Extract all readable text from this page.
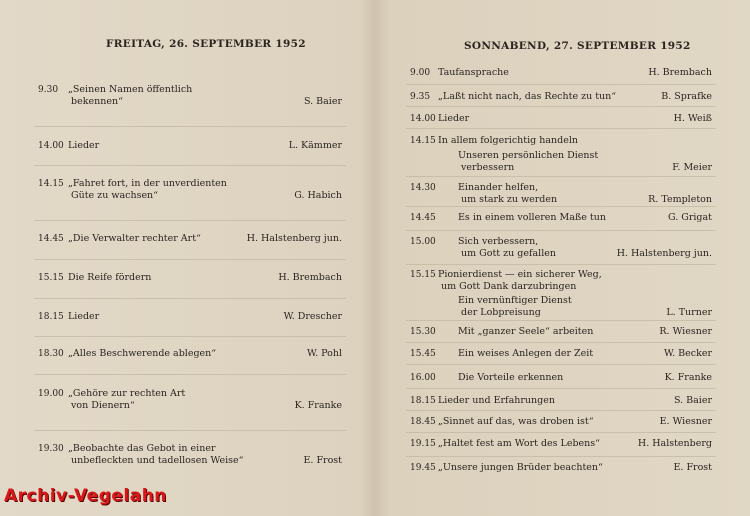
FREITAG, 26. SEPTEMBER 1952
9.30	„Seinen Namen öffentlich
bekennen“	S. Baier
14.00 Lieder	L. Kämmer
14.15 „Fahret fort, in der unverdienten
Güte zu wachsen“	G. Habich
14.45 „Die Verwalter rechter Art“	H. Halstenberg jun.
15.15 Die Reife fördern	H. Brembach
18.15 Lieder	W. Drescher
18.30 „Alles Beschwerende ablegen“	W. Pohl
19.00 „Gehöre zur rechten Art
von Dienern“	K. Franke
19.30 „Beobachte das Gebot in einer
unbefleckten und tadellosen Weise“	E. Frost
SONNABEND, 27. SEPTEMBER 1952
9.00 Taufansprache	H. Brembach
9.35 „Laßt nicht nach, das Rechte zu tun“	B. Sprafke
14.00 Lieder	H. Weiß
14.15 In allem folgerichtig handeln
Unseren persönlichen Dienst
verbessern	F. Meier
14.30 Einander helfen,
um stark zu werden	R. Templeton
14.45 Es in einem volleren Maße tun	G. Grigat
15.00 Sich verbessern,
um Gott zu gefallen	H. Halstenberg jun.
15.15 Pionierdienst — ein sicherer Weg,
um Gott Dank darzubringen
Ein vernünftiger Dienst
der Lobpreisung	L. Turner
15.30 Mit „ganzer Seele“ arbeiten	R. Wiesner
15.45 Ein weises Anlegen der Zeit	W. Becker
16.00 Die Vorteile erkennen	K. Franke
18.15 Lieder und Erfahrungen	S. Baier
18.45 „Sinnet auf das, was droben ist“	E. Wiesner
19.15 „Haltet fest am Wort des Lebens“	H. Halstenberg
19.45 „Unsere jungen Brüder beachten“	E. Frost
Archiv-Vegelahn
